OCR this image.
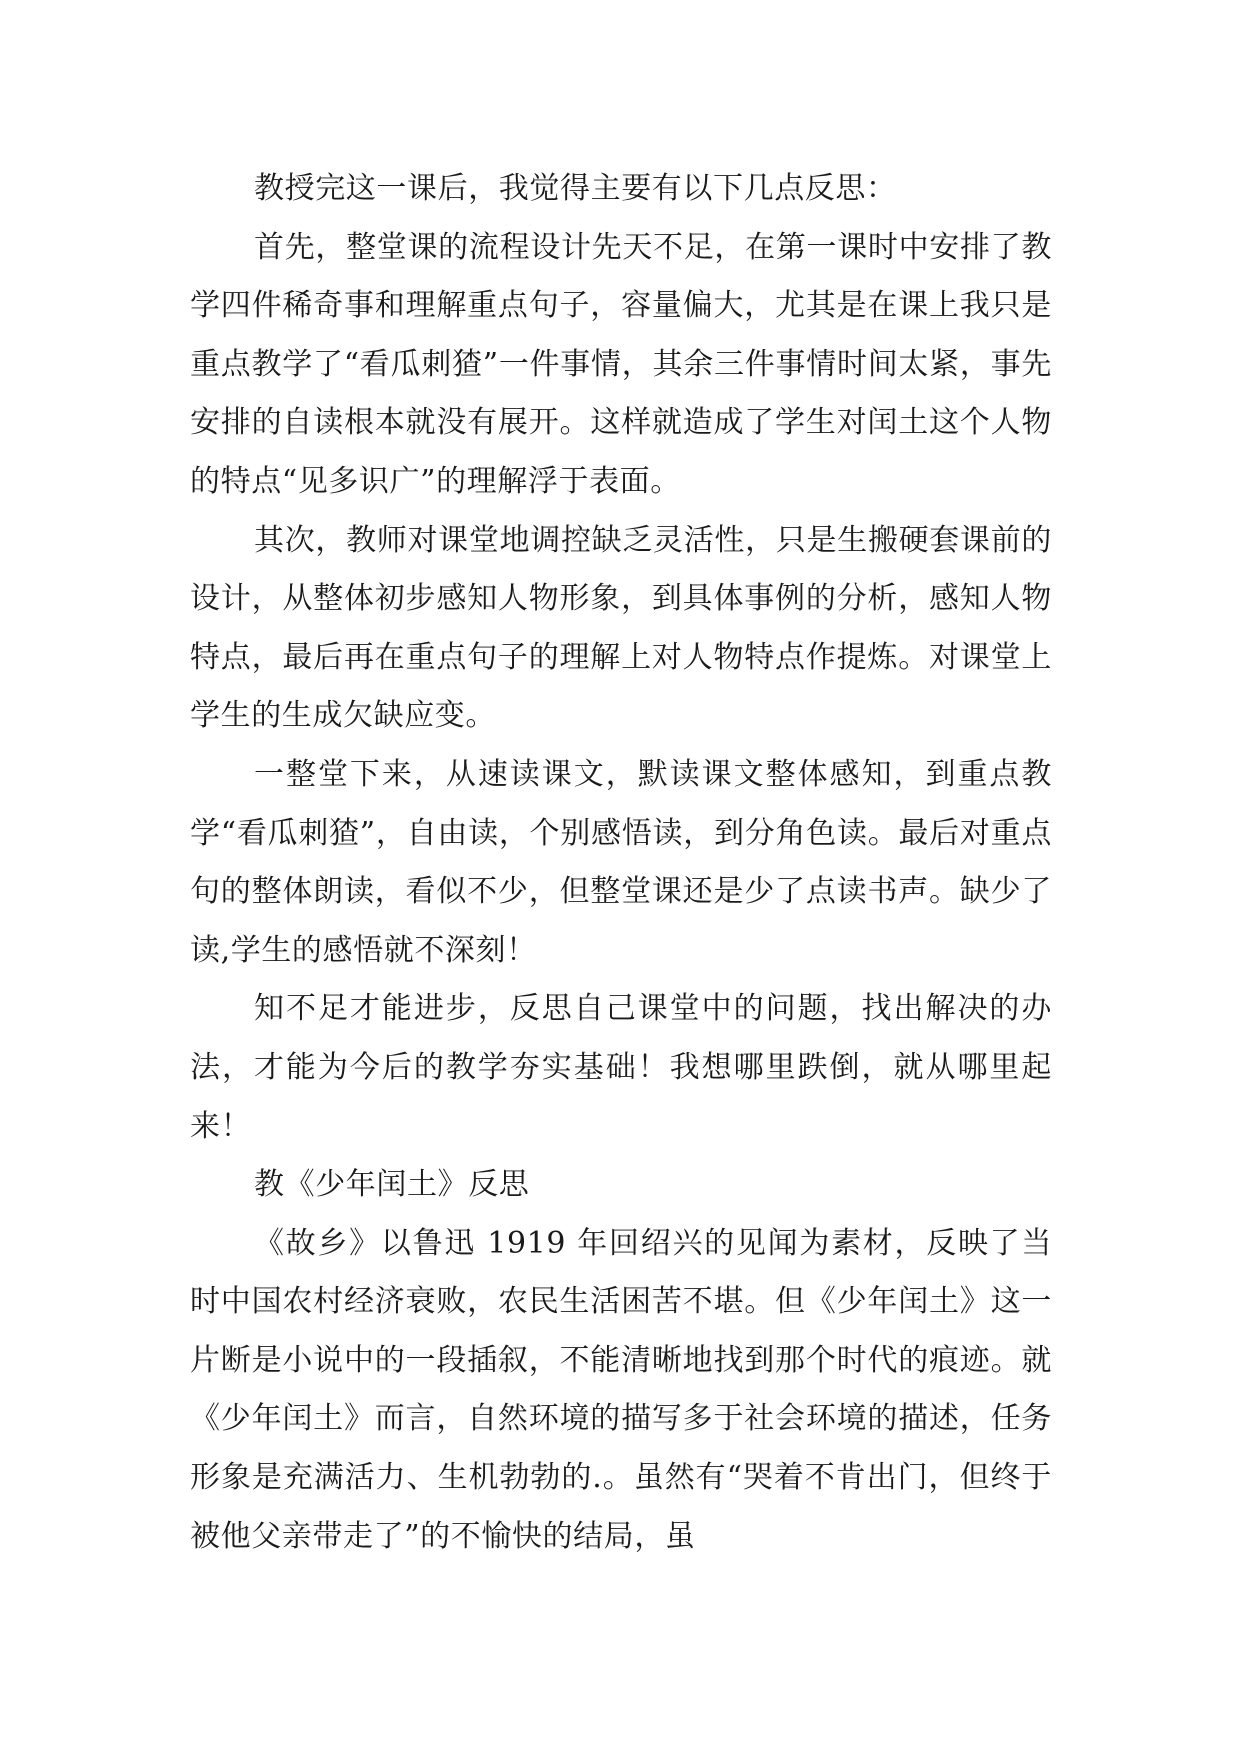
教授完这一课后，我觉得主要有以下几点反思：

首先，整堂课的流程设计先天不足，在第一课时中安排了教学四件稀奇事和理解重点句子，容量偏大，尤其是在课上我只是重点教学了“看瓜刺猹”一件事情，其余三件事情时间太紧，事先安排的自读根本就没有展开。这样就造成了学生对闰土这个人物的特点“见多识广”的理解浮于表面。

其次，教师对课堂地调控缺乏灵活性，只是生搬硬套课前的设计，从整体初步感知人物形象，到具体事例的分析，感知人物特点，最后再在重点句子的理解上对人物特点作提炼。对课堂上学生的生成欠缺应变。

一整堂下来，从速读课文，默读课文整体感知，到重点教学“看瓜刺猹”，自由读，个别感悟读，到分角色读。最后对重点句的整体朗读，看似不少，但整堂课还是少了点读书声。缺少了读,学生的感悟就不深刻！

知不足才能进步，反思自己课堂中的问题，找出解决的办法，才能为今后的教学夯实基础！我想哪里跌倒，就从哪里起来！

教《少年闰土》反思

《故乡》以鲁迅 1919 年回绍兴的见闻为素材，反映了当时中国农村经济衰败，农民生活困苦不堪。但《少年闰土》这一片断是小说中的一段插叙，不能清晰地找到那个时代的痕迹。就《少年闰土》而言，自然环境的描写多于社会环境的描述，任务形象是充满活力、生机勃勃的.。虽然有“哭着不肯出门，但终于被他父亲带走了”的不愉快的结局，虽
